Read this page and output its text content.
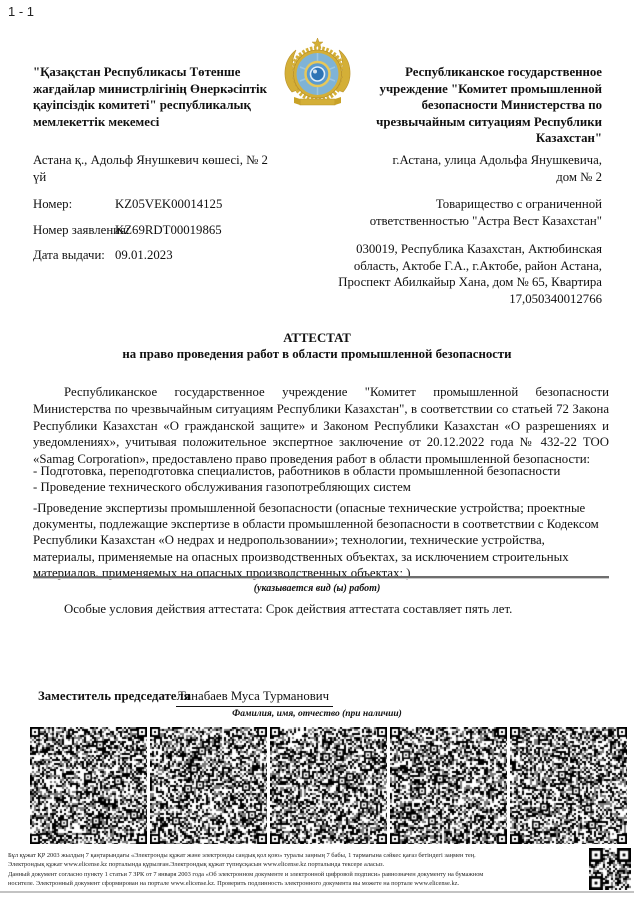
1 - 1
"Қазақстан Республикасы Төтенше жағдайлар министрлігінің Өнеркәсіптік қауіпсіздік комитеті" республикалық мемлекеттік мекемесі
Республиканское государственное учреждение "Комитет промышленной безопасности Министерства по чрезвычайным ситуациям Республики Казахстан"
Астана қ., Адольф Янушкевич көшесі, № 2 үй
г.Астана, улица Адольфа Янушкевича, дом № 2
Номер:	KZ05VEK00014125
Номер заявления:
KZ69RDT00019865
Дата выдачи: 09.01.2023
Товарищество с ограниченной ответственностью "Астра Вест Казахстан"
030019, Республика Казахстан, Актюбинская область, Актобе Г.А., г.Актобе, район Астана, Проспект Абилкайыр Хана, дом № 65, Квартира 17,050340012766
АТТЕСТАТ
на право проведения работ в области промышленной безопасности
Республиканское государственное учреждение "Комитет промышленной безопасности Министерства по чрезвычайным ситуациям Республики Казахстан", в соответствии со статьей 72 Закона Республики Казахстан «О гражданской защите» и Законом Республики Казахстан «О разрешениях и уведомлениях», учитывая положительное экспертное заключение от 20.12.2022 года № 432-22 ТОО «Samag Corporation», предоставлено право проведения работ в области промышленной безопасности:
- Подготовка, переподготовка специалистов, работников в области промышленной безопасности
- Проведение технического обслуживания газопотребляющих систем
-Проведение экспертизы промышленной безопасности (опасные технические устройства; проектные документы, подлежащие экспертизе в области промышленной безопасности в соответствии с Кодексом Республики Казахстан «О недрах и недропользовании»; технологии, технические устройства, материалы, применяемые на опасных производственных объектах, за исключением строительных материалов, применяемых на опасных производственных объектах; )
(указывается вид (ы) работ)
Особые условия действия аттестата: Срок действия аттестата составляет пять лет.
Заместитель председателя
Танабаев Муса Турманович
Фамилия, имя, отчество (при наличии)
Бұл құжат ҚР 2003 жылдың 7 қаңтарындағы «Электронды құжат және электронды сандық қол қою» туралы заңның 7 бабы, 1 тармағына сәйкес қағаз бетіндегі заңмен тең.
Электрондық құжат www.elicense.kz порталында құрылған.Электрондық құжат түпнұсқасын www.elicense.kz порталында тексере аласыз.
Данный документ согласно пункту 1 статьи 7 ЗРК от 7 января 2003 года «Об электронном документе и электронной цифровой подписи» равнозначен документу на бумажном
носителе. Электронный документ сформирован на портале www.elicense.kz. Проверить подлинность электронного документа вы можете на портале www.elicense.kz.
